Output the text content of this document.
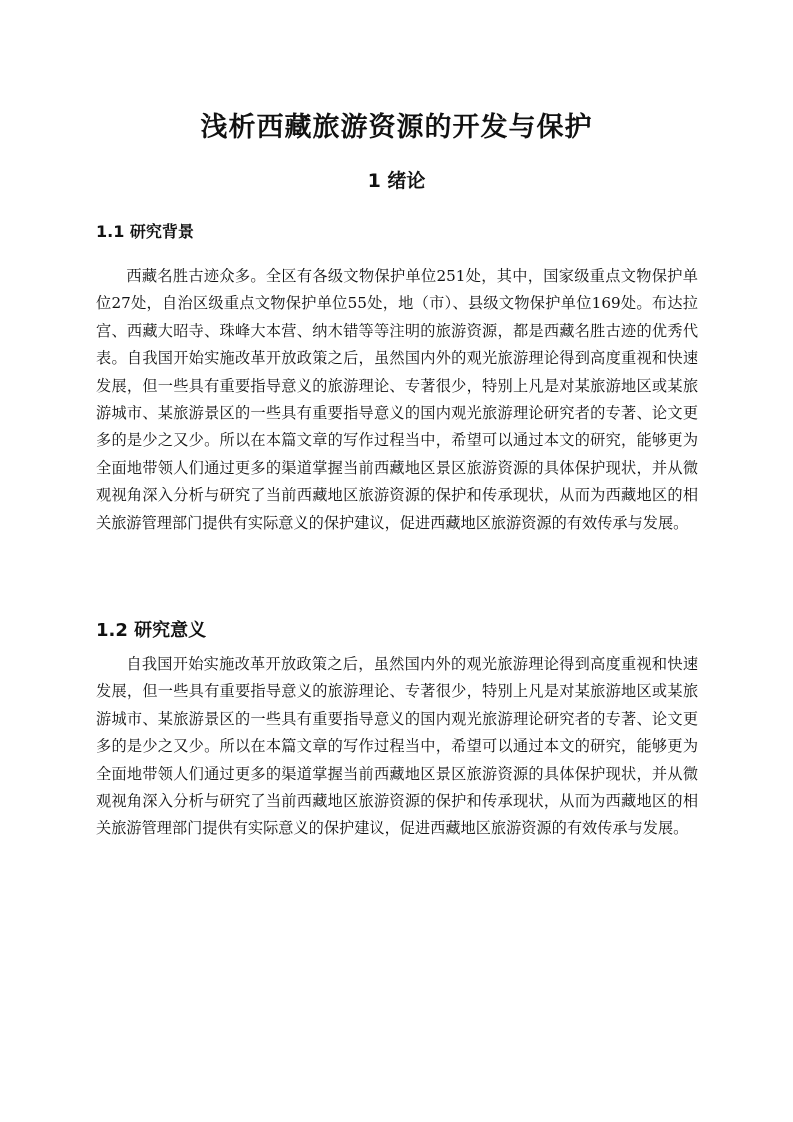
浅析西藏旅游资源的开发与保护
1 绪论
1.1 研究背景

西藏名胜古迹众多。全区有各级文物保护单位251处，其中，国家级重点文物保护单位27处，自治区级重点文物保护单位55处，地（市）、县级文物保护单位169处。布达拉宫、西藏大昭寺、珠峰大本营、纳木错等等注明的旅游资源，都是西藏名胜古迹的优秀代表。自我国开始实施改革开放政策之后，虽然国内外的观光旅游理论得到高度重视和快速发展，但一些具有重要指导意义的旅游理论、专著很少，特别上凡是对某旅游地区或某旅游城市、某旅游景区的一些具有重要指导意义的国内观光旅游理论研究者的专著、论文更多的是少之又少。所以在本篇文章的写作过程当中，希望可以通过本文的研究，能够更为全面地带领人们通过更多的渠道掌握当前西藏地区景区旅游资源的具体保护现状，并从微观视角深入分析与研究了当前西藏地区旅游资源的保护和传承现状，从而为西藏地区的相关旅游管理部门提供有实际意义的保护建议，促进西藏地区旅游资源的有效传承与发展。

1.2 研究意义

自我国开始实施改革开放政策之后，虽然国内外的观光旅游理论得到高度重视和快速发展，但一些具有重要指导意义的旅游理论、专著很少，特别上凡是对某旅游地区或某旅游城市、某旅游景区的一些具有重要指导意义的国内观光旅游理论研究者的专著、论文更多的是少之又少。所以在本篇文章的写作过程当中，希望可以通过本文的研究，能够更为全面地带领人们通过更多的渠道掌握当前西藏地区景区旅游资源的具体保护现状，并从微观视角深入分析与研究了当前西藏地区旅游资源的保护和传承现状，从而为西藏地区的相关旅游管理部门提供有实际意义的保护建议，促进西藏地区旅游资源的有效传承与发展。
